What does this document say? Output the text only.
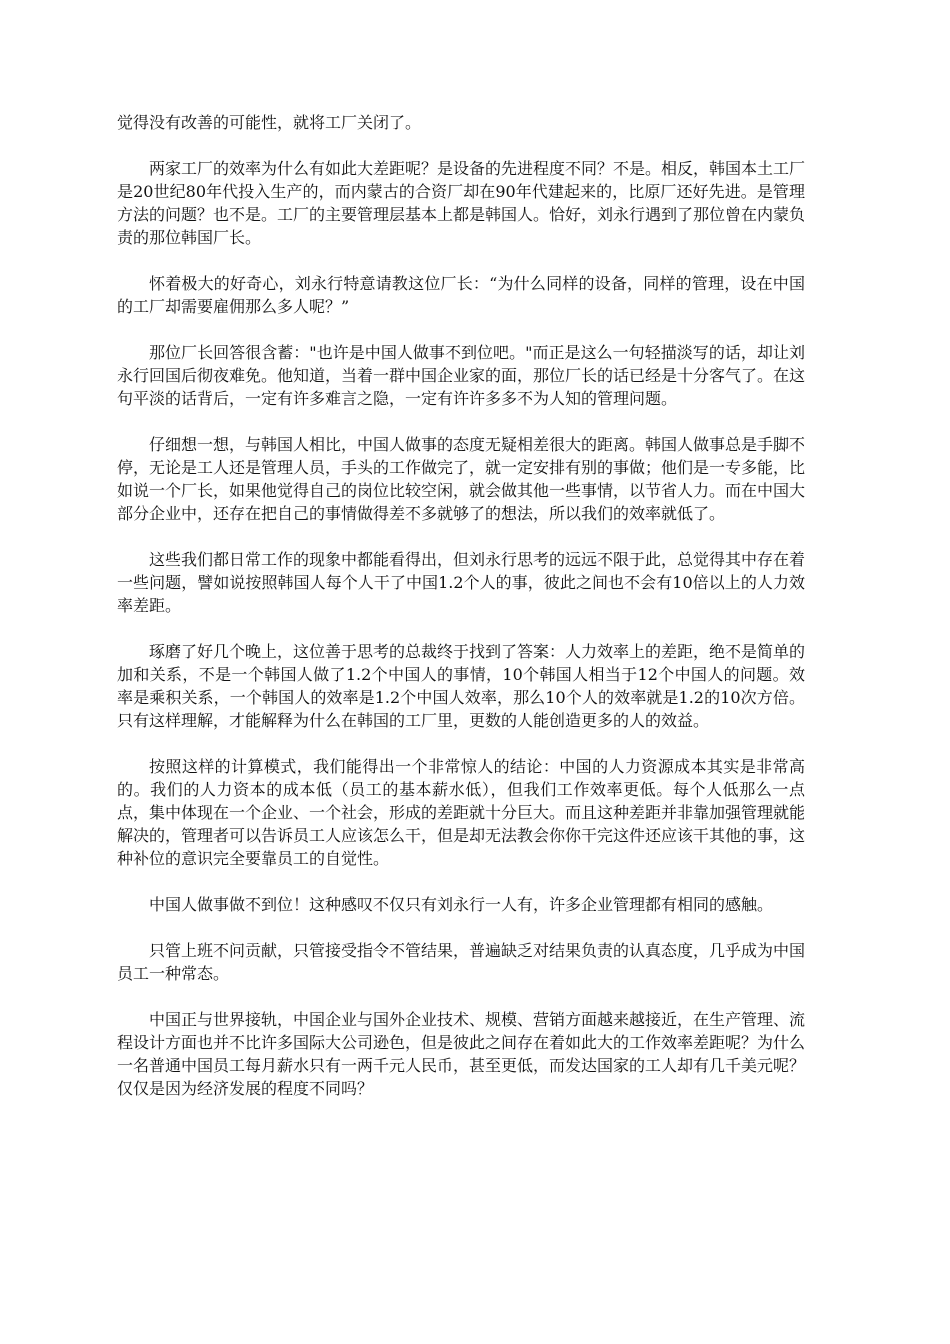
觉得没有改善的可能性，就将工厂关闭了。

两家工厂的效率为什么有如此大差距呢？是设备的先进程度不同？不是。相反，韩国本土工厂是20世纪80年代投入生产的，而内蒙古的合资厂却在90年代建起来的，比原厂还好先进。是管理方法的问题？也不是。工厂的主要管理层基本上都是韩国人。恰好，刘永行遇到了那位曾在内蒙负责的那位韩国厂长。

怀着极大的好奇心，刘永行特意请教这位厂长：“为什么同样的设备，同样的管理，设在中国的工厂却需要雇佣那么多人呢？”

那位厂长回答很含蓄："也许是中国人做事不到位吧。"而正是这么一句轻描淡写的话，却让刘永行回国后彻夜难免。他知道，当着一群中国企业家的面，那位厂长的话已经是十分客气了。在这句平淡的话背后，一定有许多难言之隐，一定有许许多多不为人知的管理问题。

仔细想一想，与韩国人相比，中国人做事的态度无疑相差很大的距离。韩国人做事总是手脚不停，无论是工人还是管理人员，手头的工作做完了，就一定安排有别的事做；他们是一专多能，比如说一个厂长，如果他觉得自己的岗位比较空闲，就会做其他一些事情，以节省人力。而在中国大部分企业中，还存在把自己的事情做得差不多就够了的想法，所以我们的效率就低了。

这些我们都日常工作的现象中都能看得出，但刘永行思考的远远不限于此，总觉得其中存在着一些问题，譬如说按照韩国人每个人干了中国1.2个人的事，彼此之间也不会有10倍以上的人力效率差距。

琢磨了好几个晚上，这位善于思考的总裁终于找到了答案：人力效率上的差距，绝不是简单的加和关系，不是一个韩国人做了1.2个中国人的事情，10个韩国人相当于12个中国人的问题。效率是乘积关系，一个韩国人的效率是1.2个中国人效率，那么10个人的效率就是1.2的10次方倍。只有这样理解，才能解释为什么在韩国的工厂里，更数的人能创造更多的人的效益。

按照这样的计算模式，我们能得出一个非常惊人的结论：中国的人力资源成本其实是非常高的。我们的人力资本的成本低（员工的基本薪水低），但我们工作效率更低。每个人低那么一点点，集中体现在一个企业、一个社会，形成的差距就十分巨大。而且这种差距并非靠加强管理就能解决的，管理者可以告诉员工人应该怎么干，但是却无法教会你你干完这件还应该干其他的事，这种补位的意识完全要靠员工的自觉性。

中国人做事做不到位！这种感叹不仅只有刘永行一人有，许多企业管理都有相同的感触。

只管上班不问贡献，只管接受指令不管结果，普遍缺乏对结果负责的认真态度，几乎成为中国员工一种常态。

中国正与世界接轨，中国企业与国外企业技术、规模、营销方面越来越接近，在生产管理、流程设计方面也并不比许多国际大公司逊色，但是彼此之间存在着如此大的工作效率差距呢？为什么一名普通中国员工每月薪水只有一两千元人民币，甚至更低，而发达国家的工人却有几千美元呢？仅仅是因为经济发展的程度不同吗？
